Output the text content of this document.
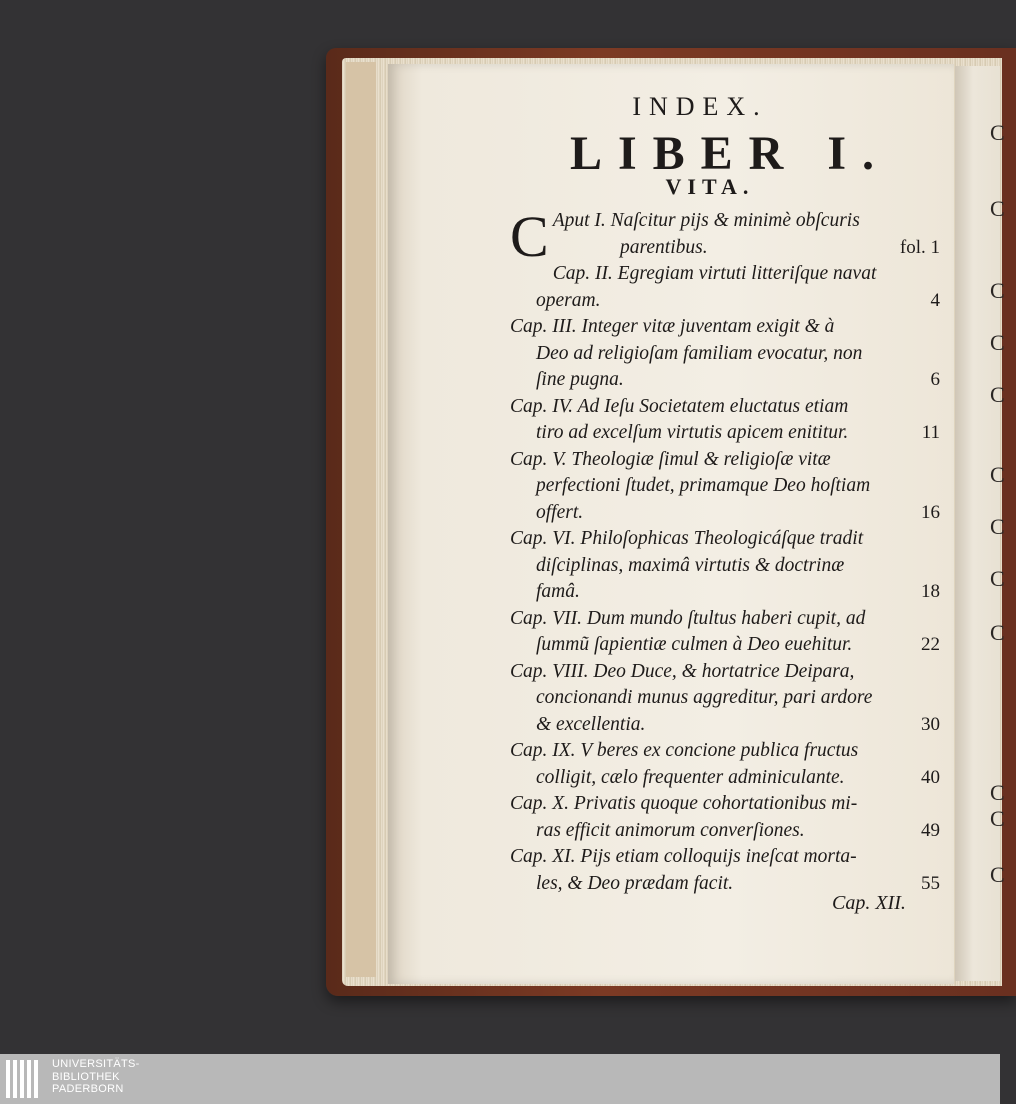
C
C
C
C
C
C
C
C
C
C
C
C
INDEX.
LIBER I.
VITA.

C Aput I. Naſcitur pijs & minimè obſcuris
parentibus.	fol. 1

Cap. II. Egregiam virtuti litteriſque navat
operam.	4

Cap. III. Integer vitæ juventam exigit & à
Deo ad religioſam familiam evocatur, non
ſine pugna.	6

Cap. IV. Ad Ieſu Societatem eluctatus etiam
tiro ad excelſum virtutis apicem enititur.	11

Cap. V. Theologiæ ſimul & religioſæ vitæ
perfectioni ſtudet, primamque Deo hoſtiam
offert.	16

Cap. VI. Philoſophicas Theologicáſque tradit
diſciplinas, maximâ virtutis & doctrinæ
famâ.	18

Cap. VII. Dum mundo ſtultus haberi cupit, ad
ſummũ ſapientiæ culmen à Deo euehitur.	22

Cap. VIII. Deo Duce, & hortatrice Deipara,
concionandi munus aggreditur, pari ardore
& excellentia.	30

Cap. IX. V beres ex concione publica fructus
colligit, cælo frequenter adminiculante.	40

Cap. X. Privatis quoque cohortationibus mi-
ras efficit animorum converſiones.	49

Cap. XI. Pijs etiam colloquijs ineſcat morta-
les, & Deo prædam facit.	55

Cap. XII.
UNIVERSITÄTS-
BIBLIOTHEK
PADERBORN
